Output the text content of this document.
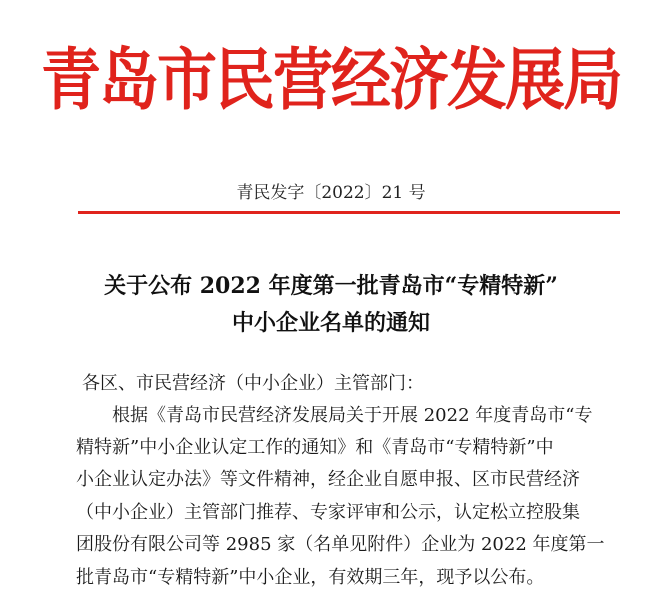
青岛市民营经济发展局
青民发字〔2022〕21 号
关于公布 2022 年度第一批青岛市“专精特新”
中小企业名单的通知
各区、市民营经济（中小企业）主管部门：
根据《青岛市民营经济发展局关于开展 2022 年度青岛市“专
精特新”中小企业认定工作的通知》和《青岛市“专精特新”中
小企业认定办法》等文件精神，经企业自愿申报、区市民营经济
（中小企业）主管部门推荐、专家评审和公示，认定松立控股集
团股份有限公司等 2985 家（名单见附件）企业为 2022 年度第一
批青岛市“专精特新”中小企业，有效期三年，现予以公布。
